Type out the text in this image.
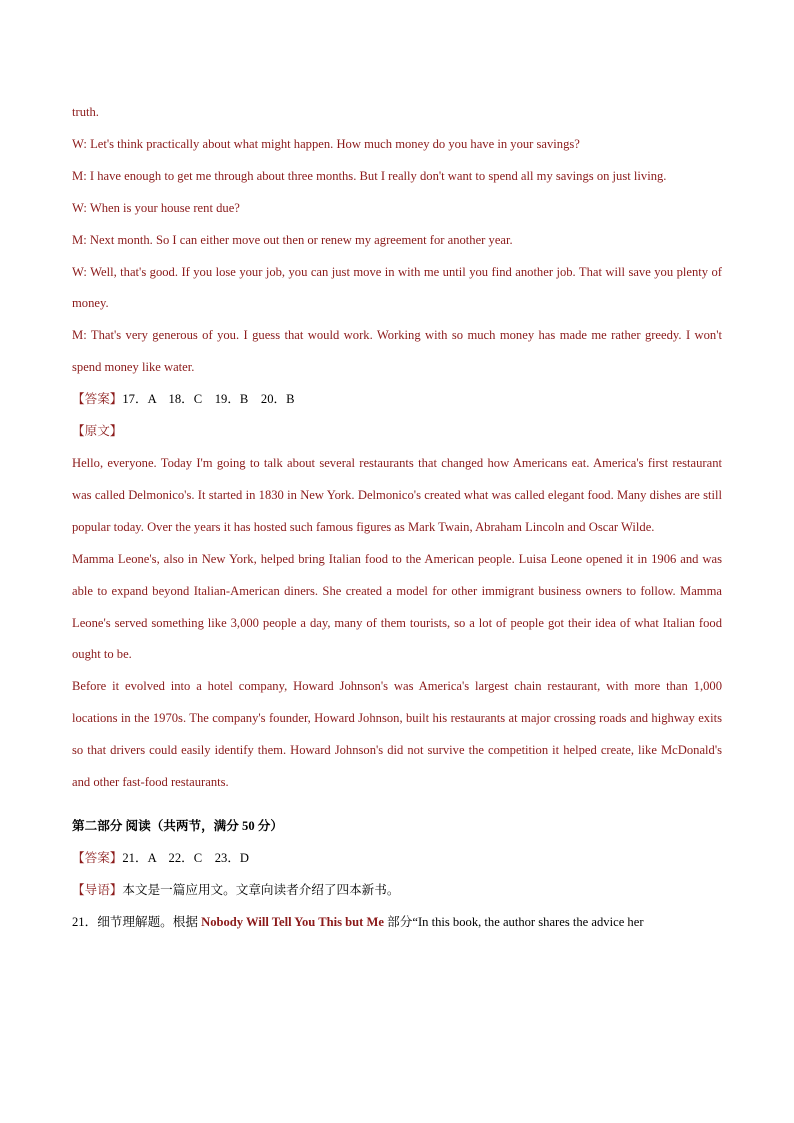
truth.

W: Let's think practically about what might happen. How much money do you have in your savings?

M: I have enough to get me through about three months. But I really don't want to spend all my savings on just living.

W: When is your house rent due?

M: Next month. So I can either move out then or renew my agreement for another year.

W: Well, that's good. If you lose your job, you can just move in with me until you find another job. That will save you plenty of money.

M: That's very generous of you. I guess that would work. Working with so much money has made me rather greedy. I won't spend money like water.

【答案】17．A　18．C　19．B　20．B

【原文】

Hello, everyone. Today I'm going to talk about several restaurants that changed how Americans eat. America's first restaurant was called Delmonico's. It started in 1830 in New York. Delmonico's created what was called elegant food. Many dishes are still popular today. Over the years it has hosted such famous figures as Mark Twain, Abraham Lincoln and Oscar Wilde.

Mamma Leone's, also in New York, helped bring Italian food to the American people. Luisa Leone opened it in 1906 and was able to expand beyond Italian-American diners. She created a model for other immigrant business owners to follow. Mamma Leone's served something like 3,000 people a day, many of them tourists, so a lot of people got their idea of what Italian food ought to be.

Before it evolved into a hotel company, Howard Johnson's was America's largest chain restaurant, with more than 1,000 locations in the 1970s. The company's founder, Howard Johnson, built his restaurants at major crossing roads and highway exits so that drivers could easily identify them. Howard Johnson's did not survive the competition it helped create, like McDonald's and other fast-food restaurants.

第二部分 阅读（共两节，满分 50 分）

【答案】21．A　22．C　23．D

【导语】本文是一篇应用文。文章向读者介绍了四本新书。

21．细节理解题。根据 Nobody Will Tell You This but Me 部分“In this book, the author shares the advice her
